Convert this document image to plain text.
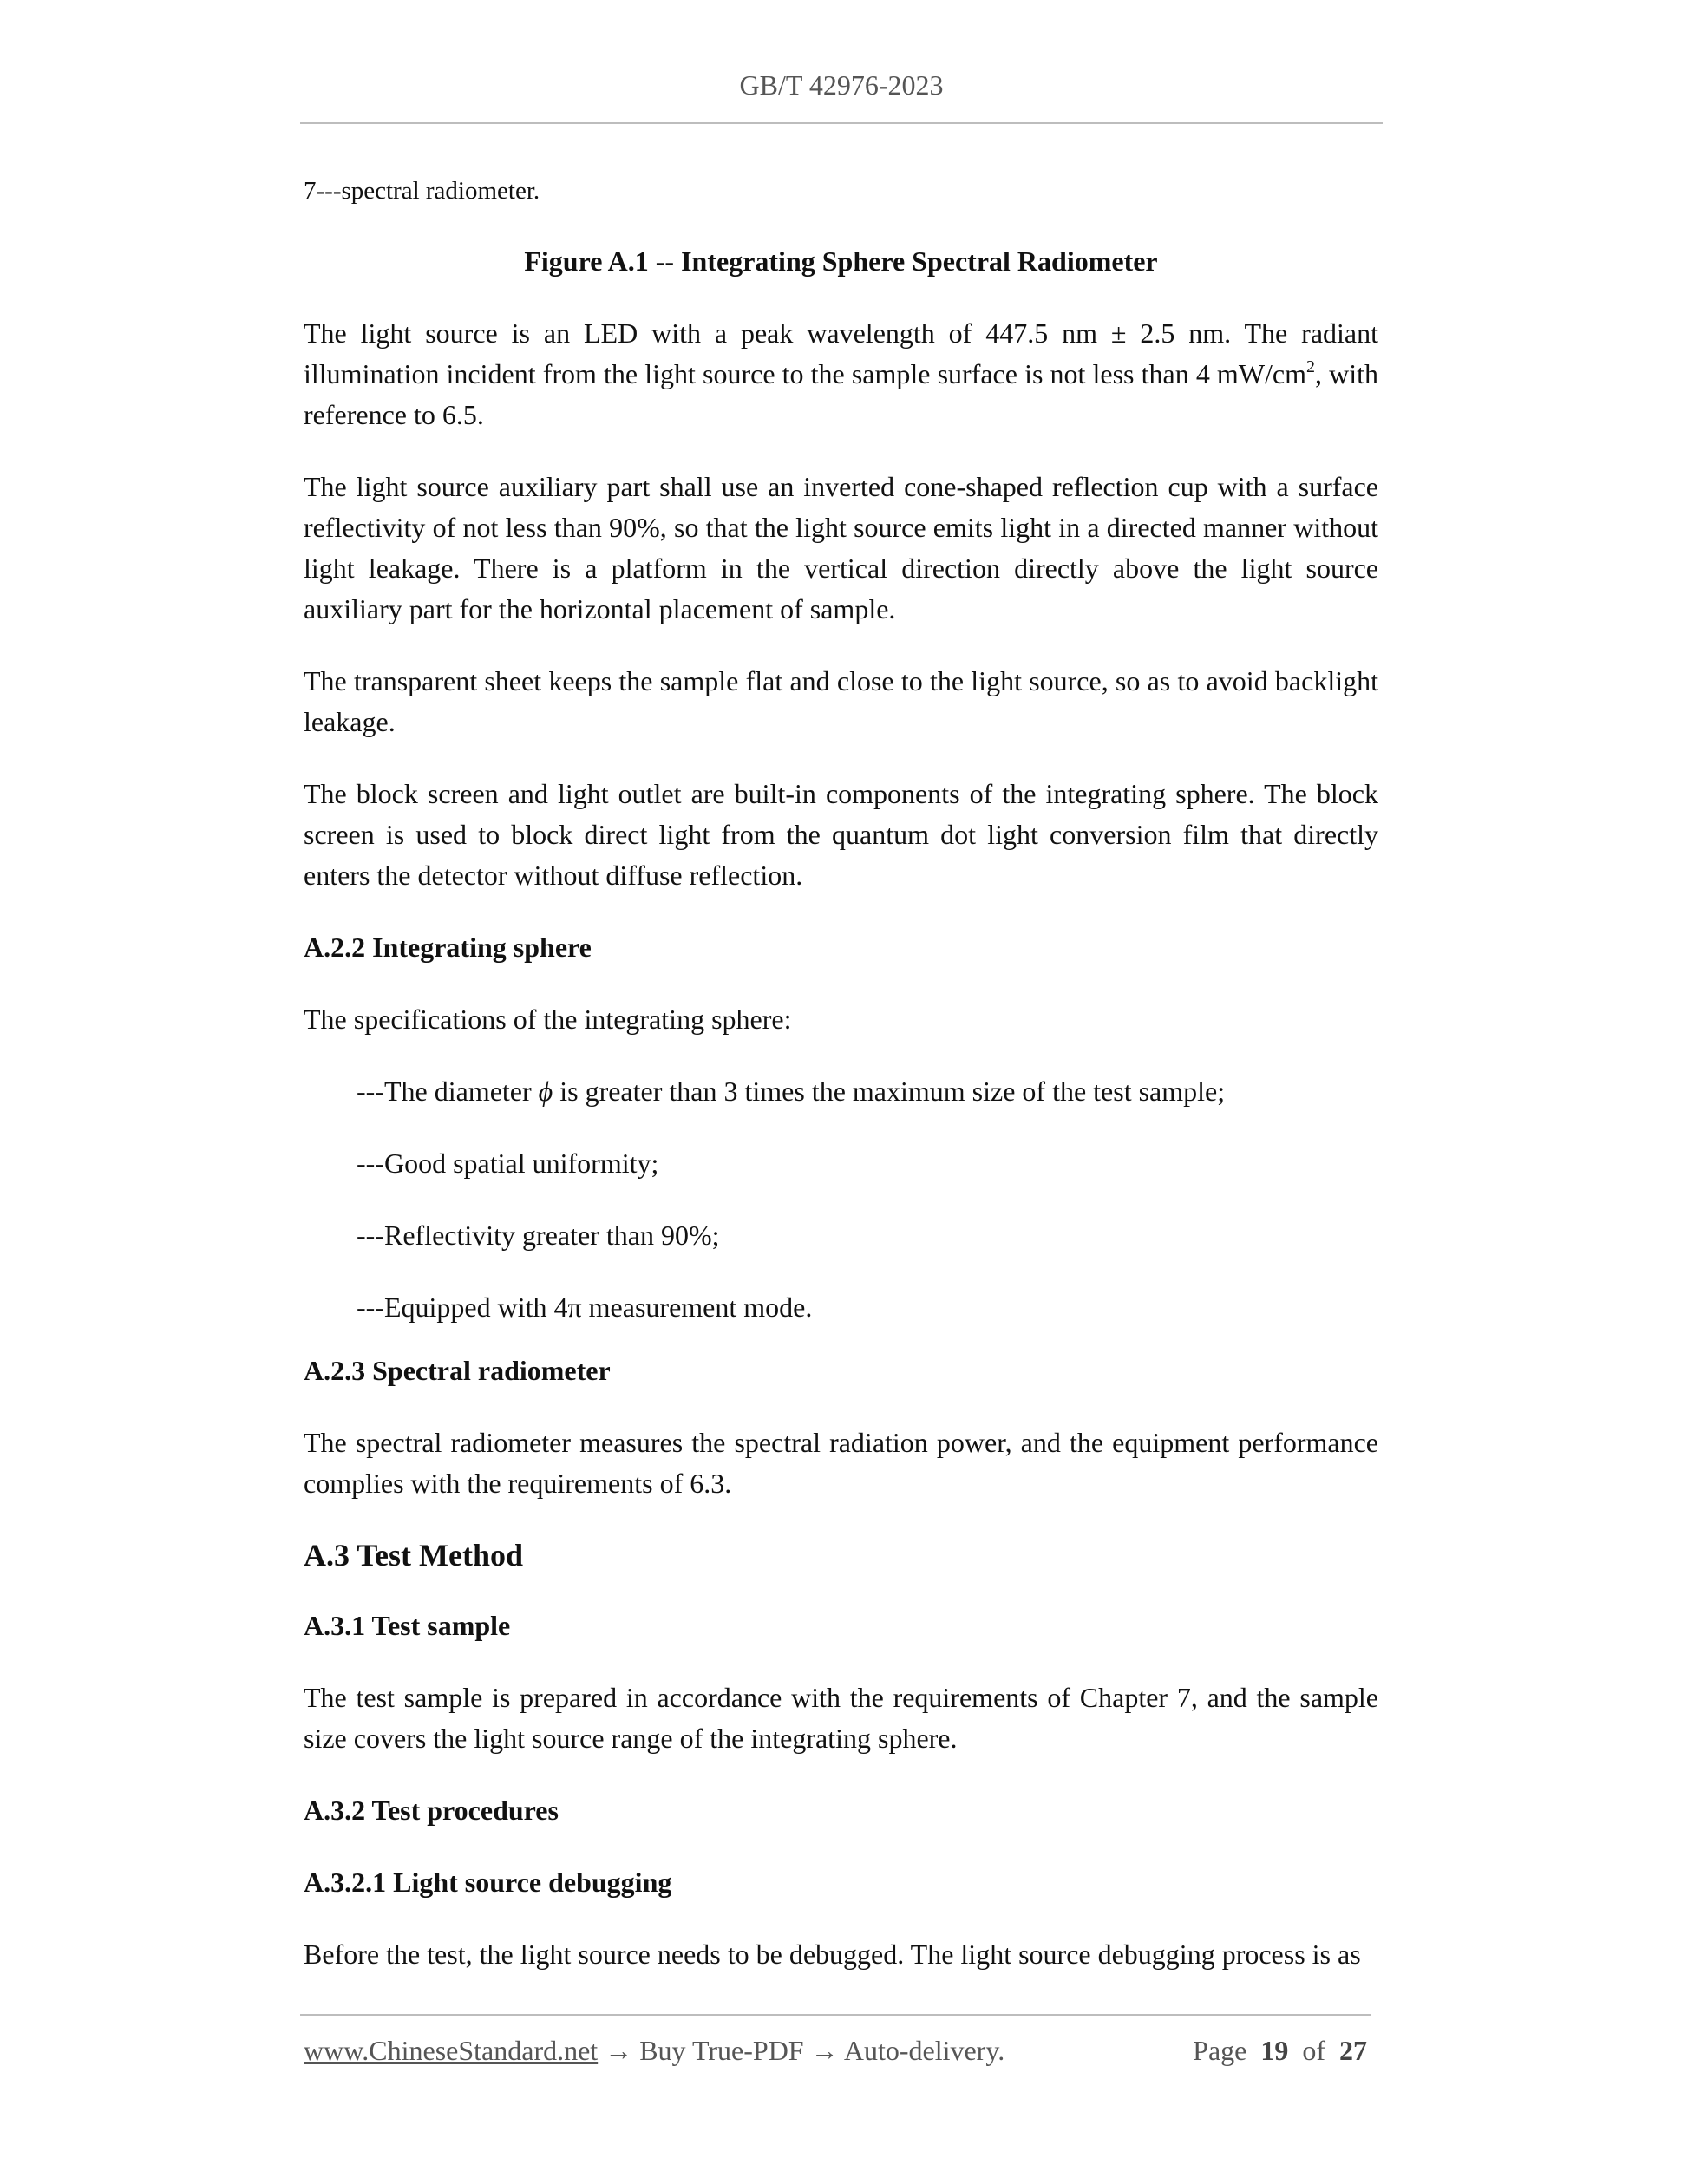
GB/T 42976-2023

7---spectral radiometer.

Figure A.1 -- Integrating Sphere Spectral Radiometer

The light source is an LED with a peak wavelength of 447.5 nm ± 2.5 nm. The radiant illumination incident from the light source to the sample surface is not less than 4 $mW/cm^2$, with reference to 6.5.

The light source auxiliary part shall use an inverted cone-shaped reflection cup with a surface reflectivity of not less than 90%, so that the light source emits light in a directed manner without light leakage. There is a platform in the vertical direction directly above the light source auxiliary part for the horizontal placement of sample.

The transparent sheet keeps the sample flat and close to the light source, so as to avoid backlight leakage.

The block screen and light outlet are built-in components of the integrating sphere. The block screen is used to block direct light from the quantum dot light conversion film that directly enters the detector without diffuse reflection.

A.2.2 Integrating sphere

The specifications of the integrating sphere:

---The diameter ϕ is greater than 3 times the maximum size of the test sample;

---Good spatial uniformity;

---Reflectivity greater than 90%;

---Equipped with 4π measurement mode.

A.2.3 Spectral radiometer

The spectral radiometer measures the spectral radiation power, and the equipment performance complies with the requirements of 6.3.

A.3 Test Method

A.3.1 Test sample

The test sample is prepared in accordance with the requirements of Chapter 7, and the sample size covers the light source range of the integrating sphere.

A.3.2 Test procedures

A.3.2.1 Light source debugging

Before the test, the light source needs to be debugged. The light source debugging process is as

www.ChineseStandard.net → Buy True-PDF → Auto-delivery.	Page 19 of 27
